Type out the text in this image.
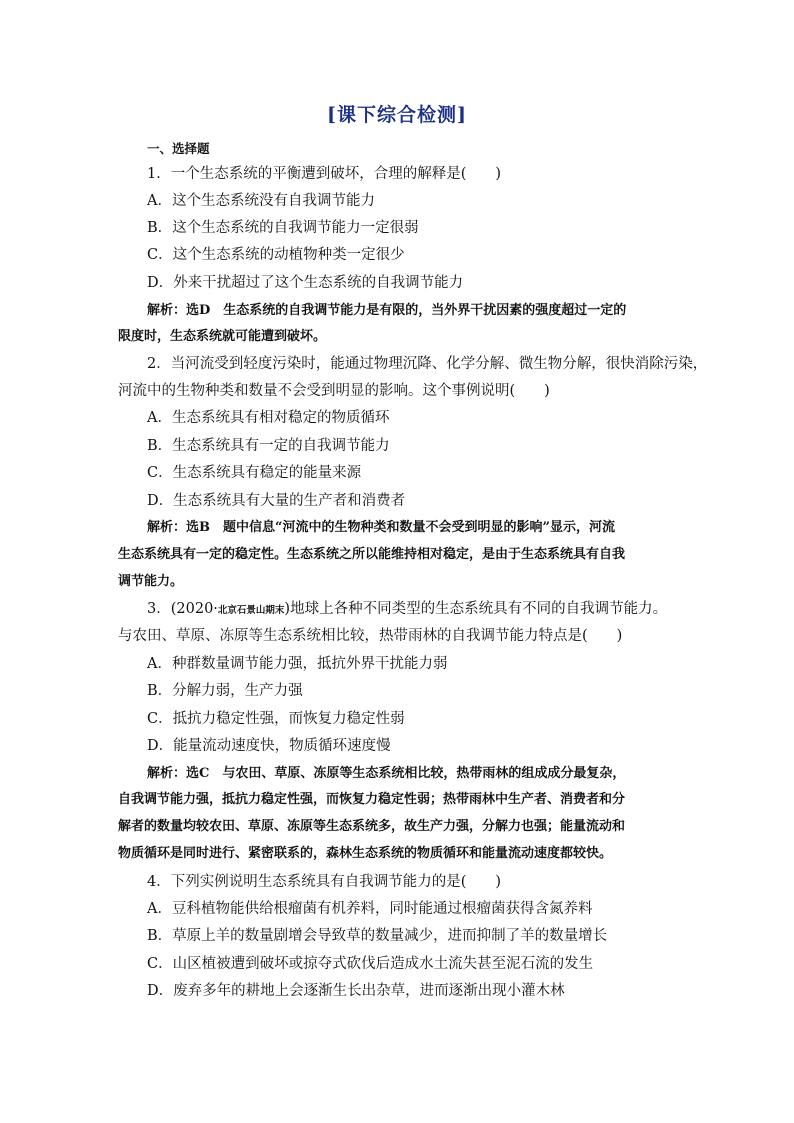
[课下综合检测]
一、选择题
1．一个生态系统的平衡遭到破坏，合理的解释是(　　)
A．这个生态系统没有自我调节能力
B．这个生态系统的自我调节能力一定很弱
C．这个生态系统的动植物种类一定很少
D．外来干扰超过了这个生态系统的自我调节能力
解析：选D　生态系统的自我调节能力是有限的，当外界干扰因素的强度超过一定的
限度时，生态系统就可能遭到破坏。
2．当河流受到轻度污染时，能通过物理沉降、化学分解、微生物分解，很快消除污染，
河流中的生物种类和数量不会受到明显的影响。这个事例说明(　　)
A．生态系统具有相对稳定的物质循环
B．生态系统具有一定的自我调节能力
C．生态系统具有稳定的能量来源
D．生态系统具有大量的生产者和消费者
解析：选B　题中信息“河流中的生物种类和数量不会受到明显的影响”显示，河流
生态系统具有一定的稳定性。生态系统之所以能维持相对稳定，是由于生态系统具有自我
调节能力。
3．(2020·北京石景山期末)地球上各种不同类型的生态系统具有不同的自我调节能力。
与农田、草原、冻原等生态系统相比较，热带雨林的自我调节能力特点是(　　)
A．种群数量调节能力强，抵抗外界干扰能力弱
B．分解力弱，生产力强
C．抵抗力稳定性强，而恢复力稳定性弱
D．能量流动速度快，物质循环速度慢
解析：选C　与农田、草原、冻原等生态系统相比较，热带雨林的组成成分最复杂，
自我调节能力强，抵抗力稳定性强，而恢复力稳定性弱；热带雨林中生产者、消费者和分
解者的数量均较农田、草原、冻原等生态系统多，故生产力强，分解力也强；能量流动和
物质循环是同时进行、紧密联系的，森林生态系统的物质循环和能量流动速度都较快。
4．下列实例说明生态系统具有自我调节能力的是(　　)
A．豆科植物能供给根瘤菌有机养料，同时能通过根瘤菌获得含氮养料
B．草原上羊的数量剧增会导致草的数量减少，进而抑制了羊的数量增长
C．山区植被遭到破坏或掠夺式砍伐后造成水土流失甚至泥石流的发生
D．废弃多年的耕地上会逐渐生长出杂草，进而逐渐出现小灌木林
